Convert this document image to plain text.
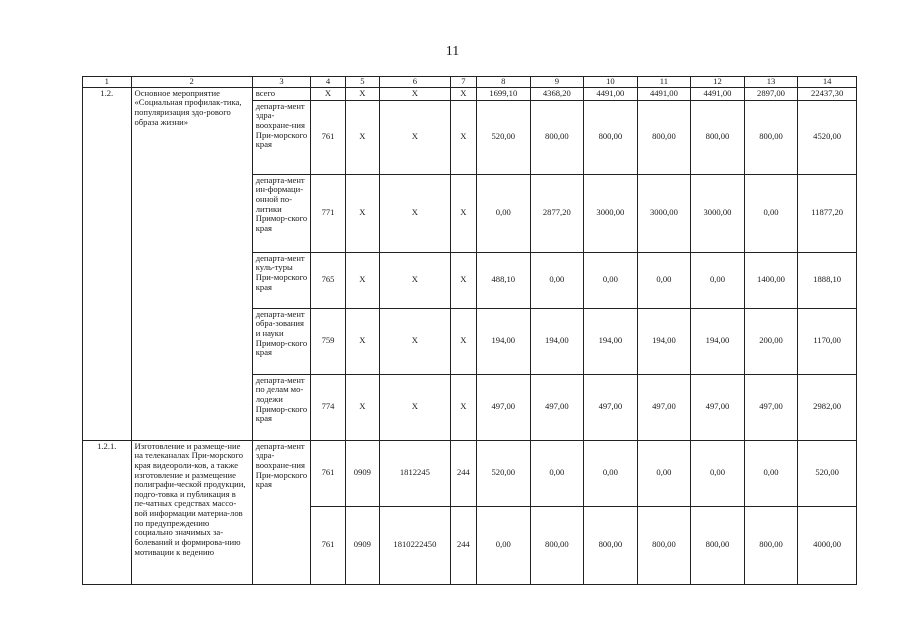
11
1	2	3	4	5	6	7	8	9	10	11	12	13	14
1.2.	Основное мероприятие «Социальная профилак-тика, популяризация здо-рового образа жизни»	всего	Х	Х	Х	Х	1699,10	4368,20	4491,00	4491,00	4491,00	2897,00	22437,30
		департа-мент здра-воохране-ния При-морского края	761	Х	Х	Х	520,00	800,00	800,00	800,00	800,00	800,00	4520,00
		департа-мент ин-формаци-онной по-литики Примор-ского края	771	Х	Х	Х	0,00	2877,20	3000,00	3000,00	3000,00	0,00	11877,20
		департа-мент куль-туры При-морского края	765	Х	Х	Х	488,10	0,00	0,00	0,00	0,00	1400,00	1888,10
		департа-мент обра-зования и науки Примор-ского края	759	Х	Х	Х	194,00	194,00	194,00	194,00	194,00	200,00	1170,00
		департа-мент по делам мо-лодежи Примор-ского края	774	Х	Х	Х	497,00	497,00	497,00	497,00	497,00	497,00	2982,00
1.2.1.	Изготовление и размеще-ние на телеканалах При-морского края видеороли-ков, а также изготовление и размещение полиграфи-ческой продукции, подго-товка и публикация в пе-чатных средствах массо-вой информации материа-лов по предупреждению социально значимых за-болеваний и формирова-нию мотивации к ведению	департа-мент здра-воохране-ния При-морского края	761	0909	1812245	244	520,00	0,00	0,00	0,00	0,00	0,00	520,00
			761	0909	1810222450	244	0,00	800,00	800,00	800,00	800,00	800,00	4000,00
